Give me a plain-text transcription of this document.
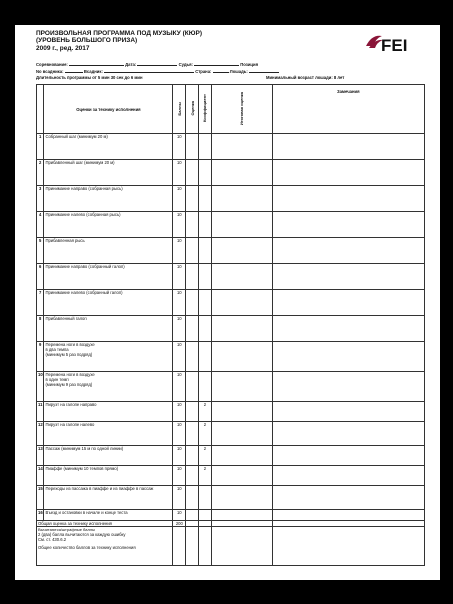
ПРОИЗВОЛЬНАЯ ПРОГРАММА ПОД МУЗЫКУ (КЮР)
(УРОВЕНЬ БОЛЬШОГО ПРИЗА)
2009 г., ред. 2017	FEI
Соревнование:	Дата:	Судья:	Позиция
No всадника:	Всадник:	Страна:	Лошадь:
Длительность программы от 5 мин 30 сек до 6 мин	Минимальный возраст лошади: 8 лет
	Оценки за технику исполнения	Баллы	Оценка	Коэффициент	Итоговая оценка	Замечания
1	Собранный шаг (минимум 20 м)	10				
2	Прибавленный шаг (минимум 20 м)	10				
3	Принимание направо (собранная рысь)	10				
4	Принимание налево (собранная рысь)	10				
5	Прибавленная рысь	10				
6	Принимание направо (собранный галоп)	10				
7	Принимание налево (собранный галоп)	10				
8	Прибавленный галоп	10				
9	Перемена ноги в воздухе
в два темпа
(минимум 5 раз подряд)	10				
10	Перемена ноги в воздухе
в один темп
(минимум 9 раз подряд)	10				
11	Пируэт на галопе направо	10		2		
12	Пируэт на галопе налево	10		2		
13	Пассаж (минимум 15 м по одной линии)	10		2		
14	Пиаффе (минимум 10 темпов прямо)	10		2		
15	Переходы из пассажа в пиаффе и из пиаффе в пассаж	10				
16	Въезд и остановки в начале и конце теста	10				
Общая оценка за технику исполнения		200				

Вычитаются/штрафные баллы
2 (два) балла вычитаются за каждую ошибку
См. ст. 430.6.2
Общее количество баллов за технику исполнения						
